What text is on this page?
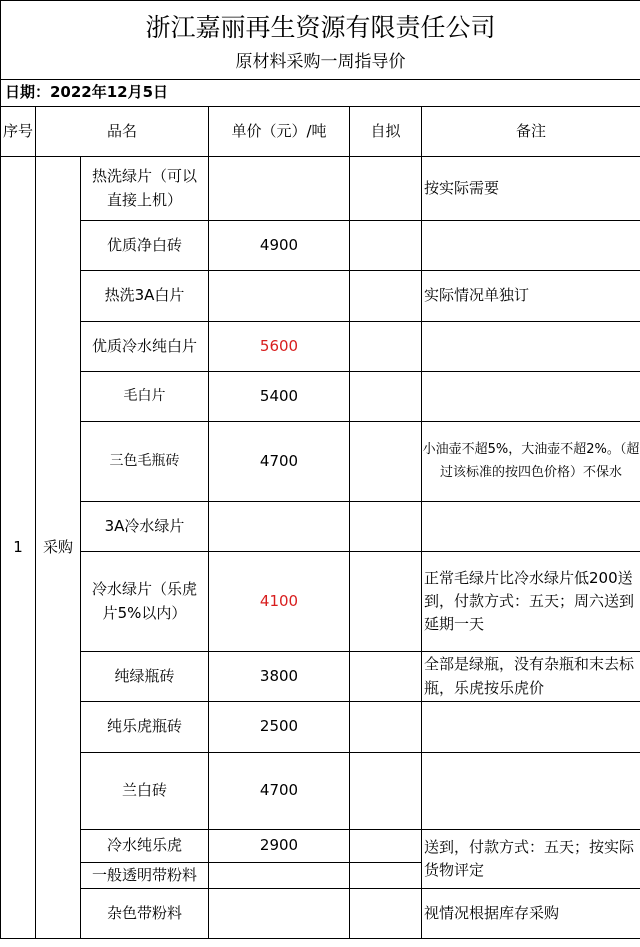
浙江嘉丽再生资源有限责任公司					
原材料采购一周指导价					
日期：2022年12月5日					
序号	品名		单价（元）/吨	自拟	备注
1	采购	热洗绿片（可以直接上机）			按实际需要
		优质净白砖	4900		
		热洗3A白片			实际情况单独订
		优质冷水纯白片	5600		
		毛白片	5400		
		三色毛瓶砖	4700		小油壶不超5%，大油壶不超2%。（超过该标准的按四色价格）不保水
		3A冷水绿片			
		冷水绿片（乐虎片5%以内）	4100		正常毛绿片比冷水绿片低200送到，付款方式：五天；周六送到延期一天
		纯绿瓶砖	3800		全部是绿瓶，没有杂瓶和末去标瓶，乐虎按乐虎价
		纯乐虎瓶砖	2500		
		兰白砖	4700		
		冷水纯乐虎	2900		送到，付款方式：五天；按实际货物评定
		一般透明带粉料			
		杂色带粉料			视情况根据库存采购
